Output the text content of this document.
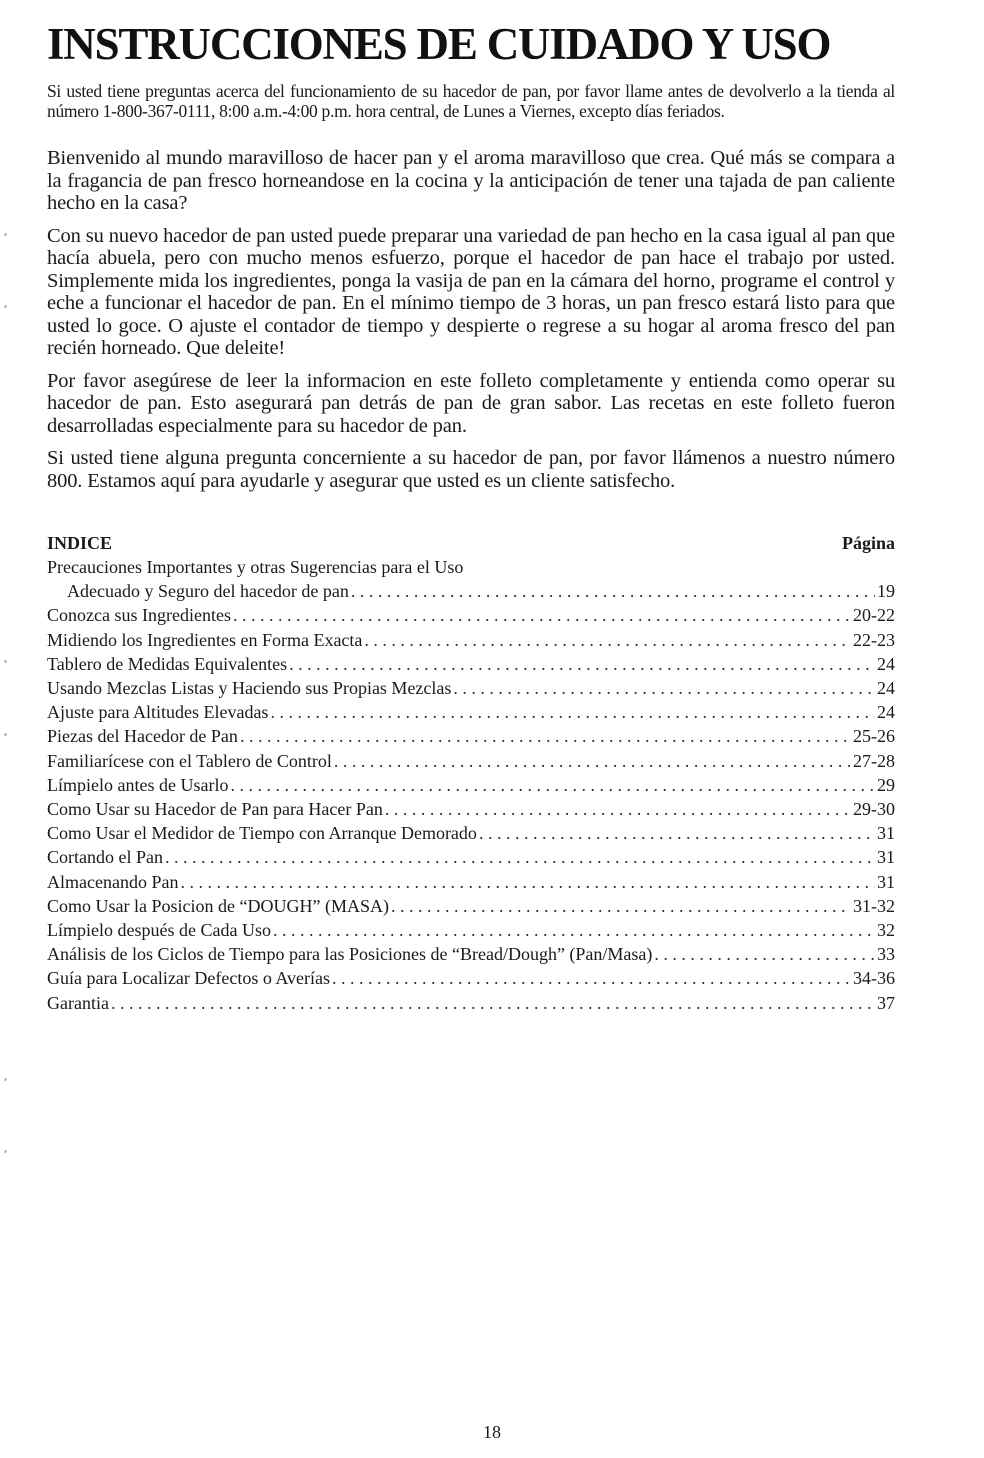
INSTRUCCIONES DE CUIDADO Y USO

Si usted tiene preguntas acerca del funcionamiento de su hacedor de pan, por favor llame antes de devolverlo a la tienda al número 1-800-367-0111, 8:00 a.m.-4:00 p.m. hora central, de Lunes a Viernes, excepto días feriados.

Bienvenido al mundo maravilloso de hacer pan y el aroma maravilloso que crea. Qué más se compara a la fragancia de pan fresco horneandose en la cocina y la anticipación de tener una tajada de pan caliente hecho en la casa?

Con su nuevo hacedor de pan usted puede preparar una variedad de pan hecho en la casa igual al pan que hacía abuela, pero con mucho menos esfuerzo, porque el hacedor de pan hace el trabajo por usted. Simplemente mida los ingredientes, ponga la vasija de pan en la cámara del horno, programe el control y eche a funcionar el hacedor de pan. En el mínimo tiempo de 3 horas, un pan fresco estará listo para que usted lo goce. O ajuste el contador de tiempo y despierte o regrese a su hogar al aroma fresco del pan recién horneado. Que deleite!

Por favor asegúrese de leer la informacion en este folleto completamente y entienda como operar su hacedor de pan. Esto asegurará pan detrás de pan de gran sabor. Las recetas en este folleto fueron desarrolladas especialmente para su hacedor de pan.

Si usted tiene alguna pregunta concerniente a su hacedor de pan, por favor llámenos a nuestro número 800. Estamos aquí para ayudarle y asegurar que usted es un cliente satisfecho.

INDICE	Página
Precauciones Importantes y otras Sugerencias para el Uso
Adecuado y Seguro del hacedor de pan . . .	19
Conozca sus Ingredientes . . .	20-22
Midiendo los Ingredientes en Forma Exacta . . .	22-23
Tablero de Medidas Equivalentes . . .	24
Usando Mezclas Listas y Haciendo sus Propias Mezclas . . .	24
Ajuste para Altitudes Elevadas . . .	24
Piezas del Hacedor de Pan . . .	25-26
Familiarícese con el Tablero de Control . . .	27-28
Límpielo antes de Usarlo . . .	29
Como Usar su Hacedor de Pan para Hacer Pan . . .	29-30
Como Usar el Medidor de Tiempo con Arranque Demorado . . .	31
Cortando el Pan . . .	31
Almacenando Pan . . .	31
Como Usar la Posicion de “DOUGH” (MASA) . . .	31-32
Límpielo después de Cada Uso . . .	32
Análisis de los Ciclos de Tiempo para las Posiciones de “Bread/Dough” (Pan/Masa) . . .	33
Guía para Localizar Defectos o Averías . . .	34-36
Garantia . . .	37
18
